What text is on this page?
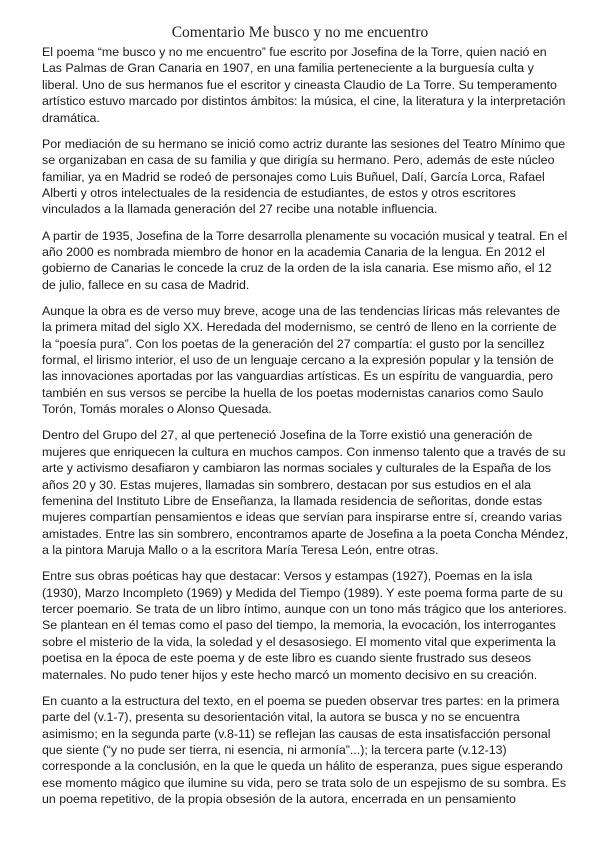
Comentario Me busco y no me encuentro

El poema “me busco y no me encuentro” fue escrito por Josefina de la Torre, quien nació en
Las Palmas de Gran Canaria en 1907, en una familia perteneciente a la burguesía culta y
liberal. Uno de sus hermanos fue el escritor y cineasta Claudio de La Torre. Su temperamento
artístico estuvo marcado por distintos ámbitos: la música, el cine, la literatura y la interpretación
dramática.

Por mediación de su hermano se inició como actriz durante las sesiones del Teatro Mínimo que
se organizaban en casa de su familia y que dirigía su hermano. Pero, además de este núcleo
familiar, ya en Madrid se rodeó de personajes como Luis Buñuel, Dalí, García Lorca, Rafael
Alberti y otros intelectuales de la residencia de estudiantes, de estos y otros escritores
vinculados a la llamada generación del 27 recibe una notable influencia.

A partir de 1935, Josefina de la Torre desarrolla plenamente su vocación musical y teatral. En el
año 2000 es nombrada miembro de honor en la academia Canaria de la lengua. En 2012 el
gobierno de Canarias le concede la cruz de la orden de la isla canaria. Ese mismo año, el 12
de julio, fallece en su casa de Madrid.

Aunque la obra es de verso muy breve, acoge una de las tendencias líricas más relevantes de
la primera mitad del siglo XX. Heredada del modernismo, se centró de lleno en la corriente de
la “poesía pura”. Con los poetas de la generación del 27 compartía: el gusto por la sencillez
formal, el lirismo interior, el uso de un lenguaje cercano a la expresión popular y la tensión de
las innovaciones aportadas por las vanguardias artísticas. Es un espíritu de vanguardia, pero
también en sus versos se percibe la huella de los poetas modernistas canarios como Saulo
Torón, Tomás morales o Alonso Quesada.

Dentro del Grupo del 27, al que perteneció Josefina de la Torre existió una generación de
mujeres que enriquecen la cultura en muchos campos. Con inmenso talento que a través de su
arte y activismo desafiaron y cambiaron las normas sociales y culturales de la España de los
años 20 y 30. Estas mujeres, llamadas sin sombrero, destacan por sus estudios en el ala
femenina del Instituto Libre de Enseñanza, la llamada residencia de señoritas, donde estas
mujeres compartían pensamientos e ideas que servían para inspirarse entre sí, creando varias
amistades. Entre las sin sombrero, encontramos aparte de Josefina a la poeta Concha Méndez,
a la pintora Maruja Mallo o a la escritora María Teresa León, entre otras.

Entre sus obras poéticas hay que destacar: Versos y estampas (1927), Poemas en la isla
(1930), Marzo Incompleto (1969) y Medida del Tiempo (1989). Y este poema forma parte de su
tercer poemario. Se trata de un libro íntimo, aunque con un tono más trágico que los anteriores.
Se plantean en él temas como el paso del tiempo, la memoria, la evocación, los interrogantes
sobre el misterio de la vida, la soledad y el desasosiego. El momento vital que experimenta la
poetisa en la época de este poema y de este libro es cuando siente frustrado sus deseos
maternales. No pudo tener hijos y este hecho marcó un momento decisivo en su creación.

En cuanto a la estructura del texto, en el poema se pueden observar tres partes: en la primera
parte del (v.1-7), presenta su desorientación vital, la autora se busca y no se encuentra
asimismo; en la segunda parte (v.8-11) se reflejan las causas de esta insatisfacción personal
que siente (“y no pude ser tierra, ni esencia, ni armonía”...); la tercera parte (v.12-13)
corresponde a la conclusión, en la que le queda un hálito de esperanza, pues sigue esperando
ese momento mágico que ilumine su vida, pero se trata solo de un espejismo de su sombra. Es
un poema repetitivo, de la propia obsesión de la autora, encerrada en un pensamiento
